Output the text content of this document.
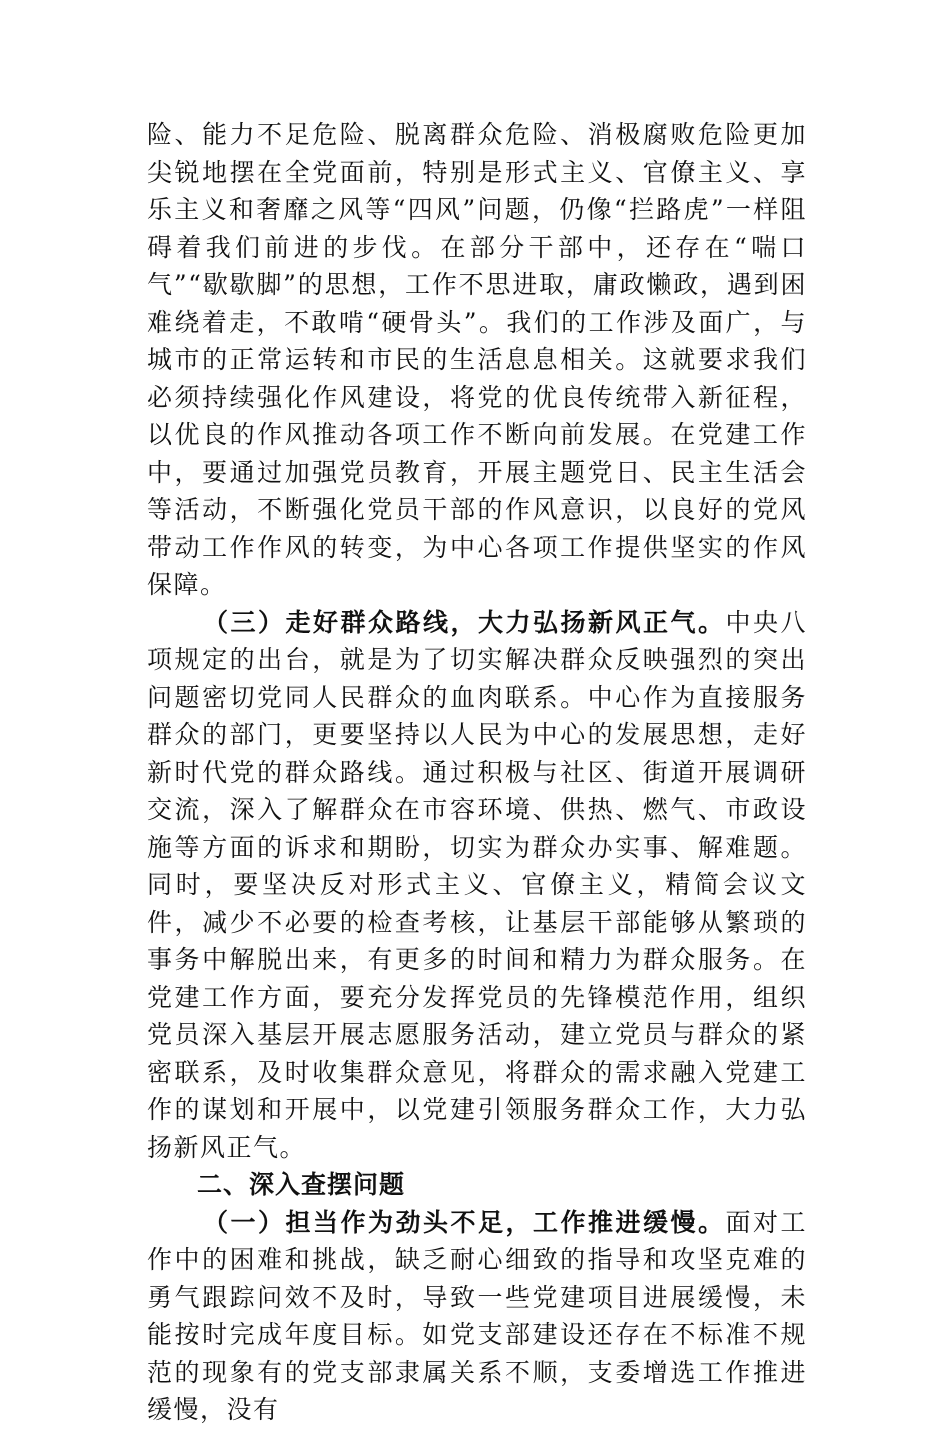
险、能力不足危险、脱离群众危险、消极腐败危险更加尖锐地摆在全党面前，特别是形式主义、官僚主义、享乐主义和奢靡之风等“四风”问题，仍像“拦路虎”一样阻碍着我们前进的步伐。在部分干部中，还存在“喘口气”“歇歇脚”的思想，工作不思进取，庸政懒政，遇到困难绕着走，不敢啃“硬骨头”。我们的工作涉及面广，与城市的正常运转和市民的生活息息相关。这就要求我们必须持续强化作风建设，将党的优良传统带入新征程，以优良的作风推动各项工作不断向前发展。在党建工作中，要通过加强党员教育，开展主题党日、民主生活会等活动，不断强化党员干部的作风意识，以良好的党风带动工作作风的转变，为中心各项工作提供坚实的作风保障。

（三）走好群众路线，大力弘扬新风正气。中央八项规定的出台，就是为了切实解决群众反映强烈的突出问题密切党同人民群众的血肉联系。中心作为直接服务群众的部门，更要坚持以人民为中心的发展思想，走好新时代党的群众路线。通过积极与社区、街道开展调研交流，深入了解群众在市容环境、供热、燃气、市政设施等方面的诉求和期盼，切实为群众办实事、解难题。同时，要坚决反对形式主义、官僚主义，精简会议文件，减少不必要的检查考核，让基层干部能够从繁琐的事务中解脱出来，有更多的时间和精力为群众服务。在党建工作方面，要充分发挥党员的先锋模范作用，组织党员深入基层开展志愿服务活动，建立党员与群众的紧密联系，及时收集群众意见，将群众的需求融入党建工作的谋划和开展中，以党建引领服务群众工作，大力弘扬新风正气。

二、深入查摆问题

（一）担当作为劲头不足，工作推进缓慢。面对工作中的困难和挑战，缺乏耐心细致的指导和攻坚克难的勇气跟踪问效不及时，导致一些党建项目进展缓慢，未能按时完成年度目标。如党支部建设还存在不标准不规范的现象有的党支部隶属关系不顺，支委增选工作推进缓慢，没有
